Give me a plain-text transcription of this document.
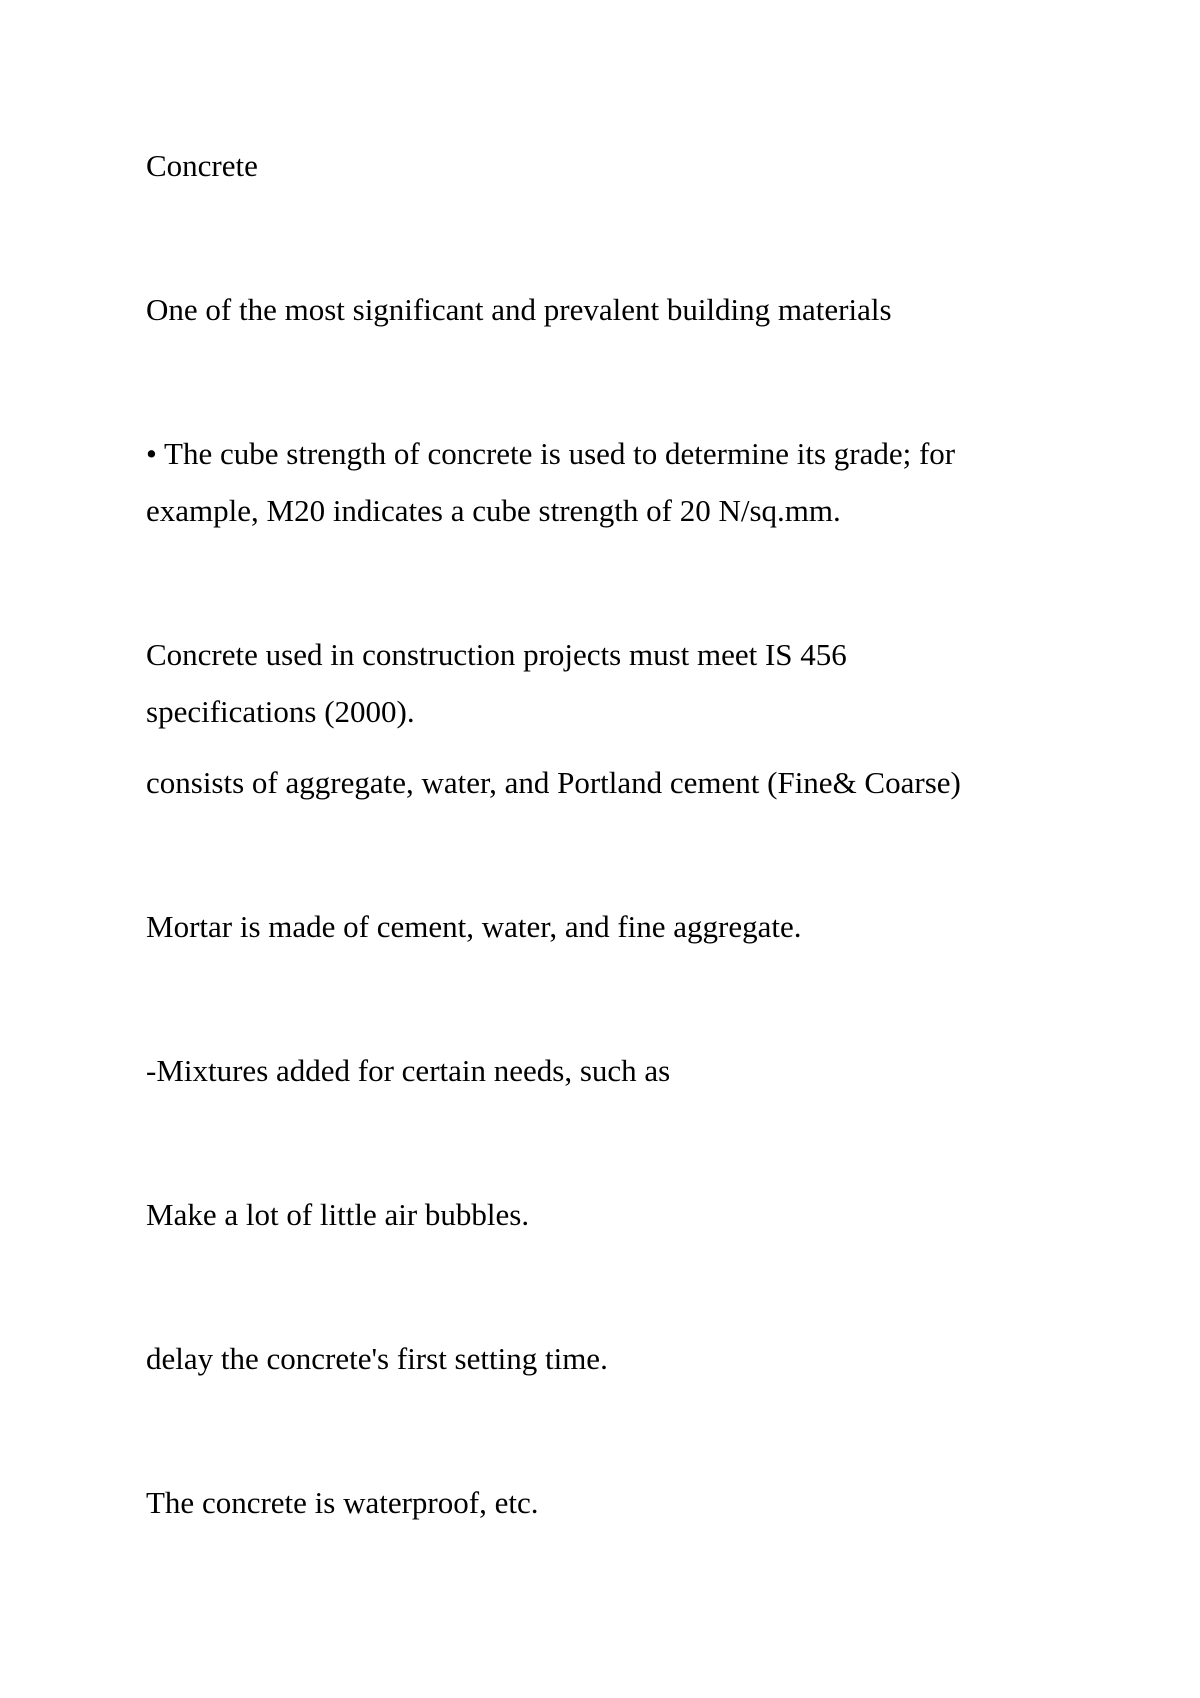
Concrete

One of the most significant and prevalent building materials

• The cube strength of concrete is used to determine its grade; for

example, M20 indicates a cube strength of 20 N/sq.mm.

Concrete used in construction projects must meet IS 456

specifications (2000).

consists of aggregate, water, and Portland cement (Fine& Coarse)

Mortar is made of cement, water, and fine aggregate.

-Mixtures added for certain needs, such as

Make a lot of little air bubbles.

delay the concrete's first setting time.

The concrete is waterproof, etc.
